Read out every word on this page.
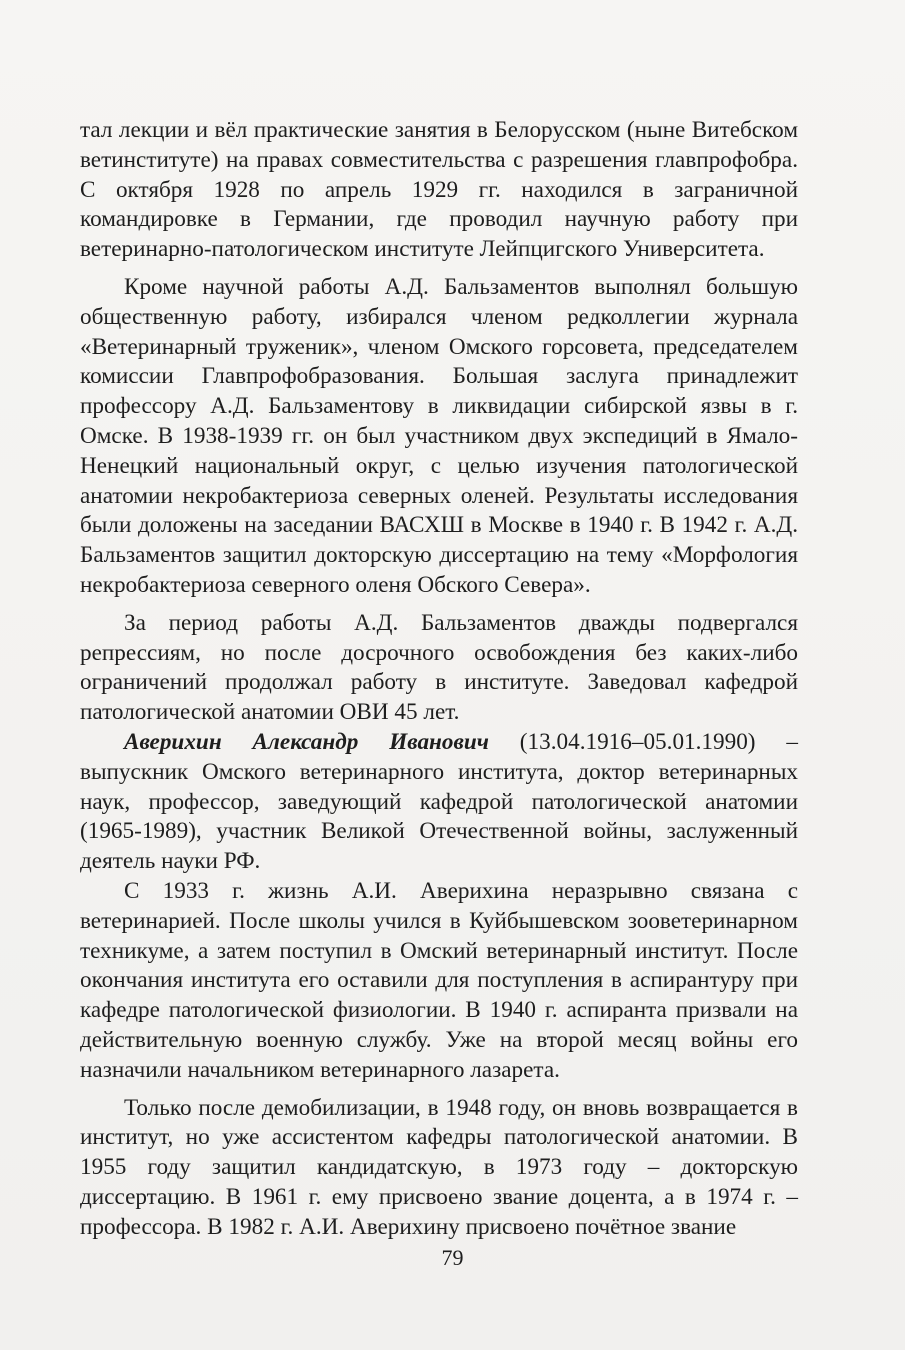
тал лекции и вёл практические занятия в Белорусском (ныне Витебском ветинституте) на правах совместительства с разрешения главпрофобра. С октября 1928 по апрель 1929 гг. находился в заграничной командировке в Германии, где проводил научную работу при ветеринарно-патологическом институте Лейпцигского Университета.

Кроме научной работы А.Д. Бальзаментов выполнял большую общественную работу, избирался членом редколлегии журнала «Ветеринарный труженик», членом Омского горсовета, председателем комиссии Главпрофобразования. Большая заслуга принадлежит профессору А.Д. Бальзаментову в ликвидации сибирской язвы в г. Омске. В 1938-1939 гг. он был участником двух экспедиций в Ямало-Ненецкий национальный округ, с целью изучения патологической анатомии некробактериоза северных оленей. Результаты исследования были доложены на заседании ВАСХШ в Москве в 1940 г. В 1942 г. А.Д. Бальзаментов защитил докторскую диссертацию на тему «Морфология некробактериоза северного оленя Обского Севера».

За период работы А.Д. Бальзаментов дважды подвергался репрессиям, но после досрочного освобождения без каких-либо ограничений продолжал работу в институте. Заведовал кафедрой патологической анатомии ОВИ 45 лет.

Аверихин Александр Иванович (13.04.1916–05.01.1990) – выпускник Омского ветеринарного института, доктор ветеринарных наук, профессор, заведующий кафедрой патологической анатомии (1965-1989), участник Великой Отечественной войны, заслуженный деятель науки РФ.

С 1933 г. жизнь А.И. Аверихина неразрывно связана с ветеринарией. После школы учился в Куйбышевском зооветеринарном техникуме, а затем поступил в Омский ветеринарный институт. После окончания института его оставили для поступления в аспирантуру при кафедре патологической физиологии. В 1940 г. аспиранта призвали на действительную военную службу. Уже на второй месяц войны его назначили начальником ветеринарного лазарета.

Только после демобилизации, в 1948 году, он вновь возвращается в институт, но уже ассистентом кафедры патологической анатомии. В 1955 году защитил кандидатскую, в 1973 году – докторскую диссертацию. В 1961 г. ему присвоено звание доцента, а в 1974 г. – профессора. В 1982 г. А.И. Аверихину присвоено почётное звание

79
